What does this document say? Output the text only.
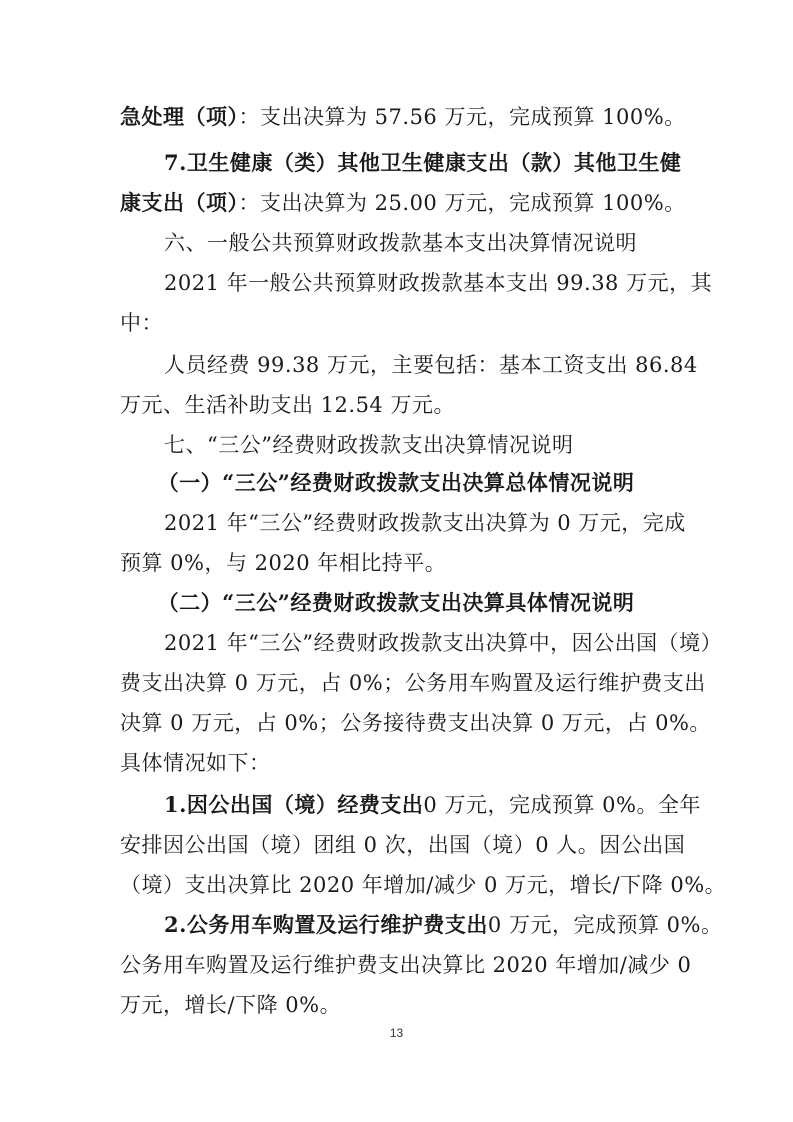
急处理（项）：支出决算为 57.56 万元，完成预算 100%。
7.卫生健康（类）其他卫生健康支出（款）其他卫生健
康支出（项）：支出决算为 25.00 万元，完成预算 100%。
六、一般公共预算财政拨款基本支出决算情况说明
2021 年一般公共预算财政拨款基本支出 99.38 万元，其
中：
人员经费 99.38 万元，主要包括：基本工资支出 86.84
万元、生活补助支出 12.54 万元。
七、“三公”经费财政拨款支出决算情况说明
（一）“三公”经费财政拨款支出决算总体情况说明
2021 年“三公”经费财政拨款支出决算为 0 万元，完成
预算 0%，与 2020 年相比持平。
（二）“三公”经费财政拨款支出决算具体情况说明
2021 年“三公”经费财政拨款支出决算中，因公出国（境）
费支出决算 0 万元，占 0%；公务用车购置及运行维护费支出
决算 0 万元，占 0%；公务接待费支出决算 0 万元，占 0%。
具体情况如下：
1.因公出国（境）经费支出0 万元，完成预算 0%。全年
安排因公出国（境）团组 0 次，出国（境）0 人。因公出国
（境）支出决算比 2020 年增加/减少 0 万元，增长/下降 0%。
2.公务用车购置及运行维护费支出0 万元，完成预算 0%。
公务用车购置及运行维护费支出决算比 2020 年增加/减少 0
万元，增长/下降 0%。
13
